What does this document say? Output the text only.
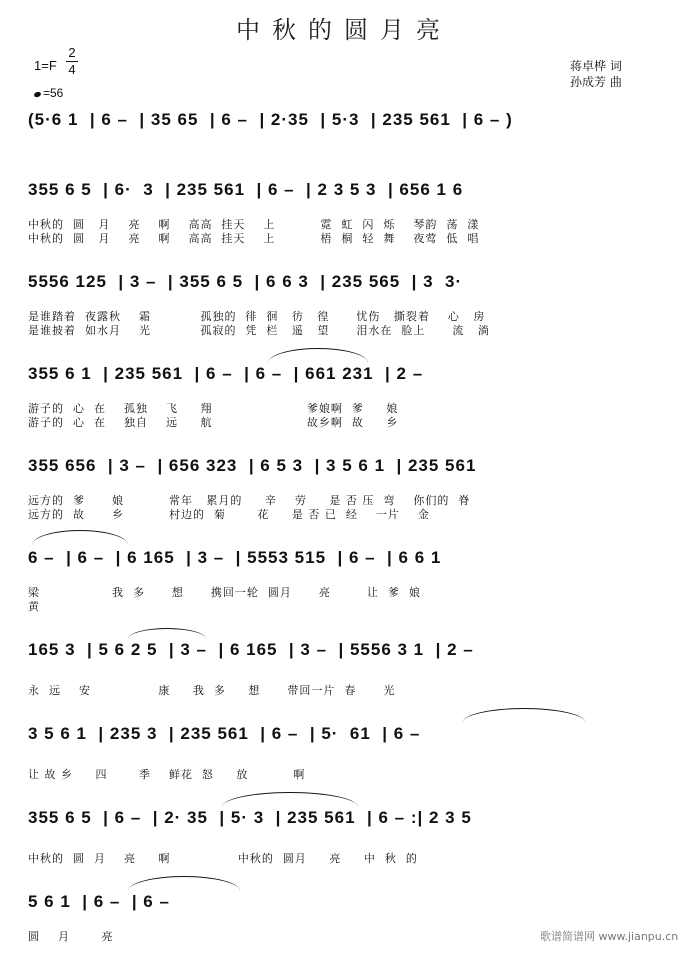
中秋的圆月亮
1=F
2
4
=56
蒋卓桦 词
孙成芳 曲
(5·6 1  | 6 –  | 35 65  | 6 –  | 2·35  | 5·3  | 235 561  | 6 – )
355 6 5  | 6·  3  | 235 561  | 6 –  | 2 3 5 3  | 656 1 6
中秋的  圆   月    亮    啊    高高  挂天    上          霓  虹  闪  烁    琴韵  荡  漾
中秋的  圆   月    亮    啊    高高  挂天    上          梧  桐  轻  舞    夜莺  低  唱
5556 125  | 3 –  | 355 6 5  | 6 6 3  | 235 565  | 3  3·
是谁踏着  夜露秋    霜           孤独的  徘  徊   彷   徨      忧伤   撕裂着    心   房
是谁披着  如水月    光           孤寂的  凭  栏   遥   望      泪水在  脸上      流   淌
355 6 1  | 235 561  | 6 –  | 6 –  | 661 231  | 2 –
游子的  心  在    孤独    飞     翔                     爹娘啊  爹     娘
游子的  心  在    独自    远     航                     故乡啊  故     乡
355 656  | 3 –  | 656 323  | 6 5 3  | 3 5 6 1  | 235 561
远方的  爹      娘          常年   累月的     辛    劳     是 否 压  弯    你们的  脊
远方的  故      乡          村边的  菊       花     是 否 已  经    一片    金
6 –  | 6 –  | 6 165  | 3 –  | 5553 515  | 6 –  | 6 6 1
梁                我  多      想      携回一轮  圆月      亮        让  爹  娘
黄
165 3  | 5 6 2 5  | 3 –  | 6 165  | 3 –  | 5556 3 1  | 2 –
永  远    安               康     我  多     想      带回一片  春      光
3 5 6 1  | 235 3  | 235 561  | 6 –  | 5·  61  | 6 –
让 故 乡     四       季    鲜花  怒     放          啊
355 6 5  | 6 –  | 2· 35  | 5· 3  | 235 561  | 6 – :| 2 3 5
中秋的  圆  月    亮     啊               中秋的  圆月     亮     中  秋  的
5 6 1  | 6 –  | 6 –
圆    月       亮	歌谱简谱网 www.jianpu.cn
